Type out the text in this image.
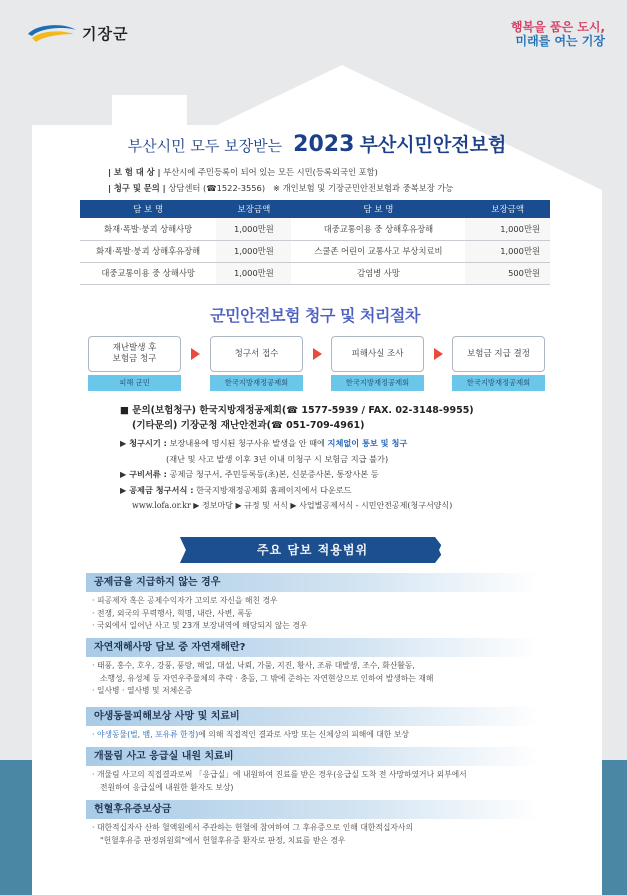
기장군	행복을 품은 도시,
미래를 여는 기장
부산시민 모두 보장받는 2023 부산시민안전보험
| 보 험 대 상 | 부산시에 주민등록이 되어 있는 모든 시민(등록외국인 포함)
| 청구 및 문의 | 상담센터 (☎1522-3556) ※ 개인보험 및 기장군민안전보험과 중복보장 가능
담 보 명	보장금액	담 보 명	보장금액
화재·폭발·붕괴 상해사망	1,000만원	대중교통이용 중 상해후유장해	1,000만원
화재·폭발·붕괴 상해후유장해	1,000만원	스쿨존 어린이 교통사고 부상치료비	1,000만원
대중교통이용 중 상해사망	1,000만원	감염병 사망	500만원
군민안전보험 청구 및 처리절차
재난발생 후
보험금 청구
피해 군민
청구서 접수
한국지방재정공제회
피해사실 조사
한국지방재정공제회
보험금 지급 결정
한국지방재정공제회
■ 문의(보험청구) 한국지방재정공제회(☎ 1577-5939 / FAX. 02-3148-9955)
(기타문의) 기장군청 재난안전과(☎ 051-709-4961)
▶ 청구시기 : 보장내용에 명시된 청구사유 발생을 안 때에 지체없이 통보 및 청구
(재난 및 사고 발생 이후 3년 이내 미청구 시 보험금 지급 불가)
▶ 구비서류 : 공제금 청구서, 주민등록등(초)본, 신분증사본, 통장사본 등
▶ 공제금 청구서식 : 한국지방재정공제회 홈페이지에서 다운로드
www.lofa.or.kr ▶ 정보마당 ▶ 규정 및 서식 ▶ 사업별공제서식 - 시민안전공제(청구서양식)
주요 담보 적용범위
공제금을 지급하지 않는 경우
· 피공제자 혹은 공제수익자가 고의로 자신을 해친 경우
· 전쟁, 외국의 무력행사, 혁명, 내란, 사변, 폭동
· 국외에서 일어난 사고 및 23개 보장내역에 해당되지 않는 경우
자연재해사망 담보 중 자연재해란?
· 태풍, 홍수, 호우, 강풍, 풍랑, 해일, 대설, 낙뢰, 가뭄, 지진, 황사, 조류 대발생, 조수, 화산활동,
소행성, 유성체 등 자연우주물체의 추락 · 충돌, 그 밖에 준하는 자연현상으로 인하여 발생하는 재해
· 일사병 · 열사병 및 저체온증
야생동물피해보상 사망 및 치료비
· 야생동물(벌, 뱀, 포유류 한정)에 의해 직접적인 결과로 사망 또는 신체상의 피해에 대한 보상
개물림 사고 응급실 내원 치료비
· 개물림 사고의 직접결과로써 「응급실」에 내원하여 진료를 받은 경우(응급실 도착 전 사망하였거나 외부에서
전원하여 응급실에 내원한 환자도 보상)
헌혈후유증보상금
· 대한적십자사 산하 혈액원에서 주관하는 헌혈에 참여하여 그 후유증으로 인해 대한적십자사의
"헌혈후유증 판정위원회"에서 헌혈후유증 환자로 판정, 치료를 받은 경우
